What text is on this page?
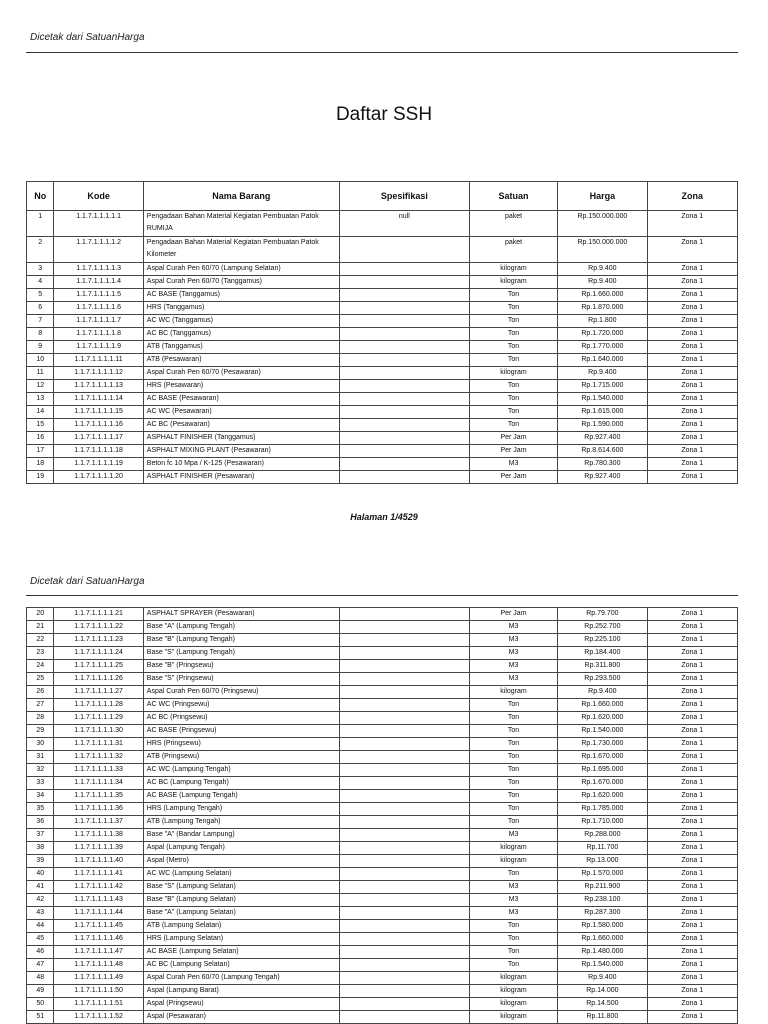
Dicetak dari SatuanHarga
Daftar SSH
No	Kode	Nama Barang	Spesifikasi	Satuan	Harga	Zona
1	1.1.7.1.1.1.1.1	Pengadaan Bahan Material Kegiatan Pembuatan Patok RUMIJA	null	paket	Rp.150.000.000	Zona 1
2	1.1.7.1.1.1.1.2	Pengadaan Bahan Material Kegiatan Pembuatan Patok Kilometer		paket	Rp.150.000.000	Zona 1
3	1.1.7.1.1.1.1.3	Aspal Curah Pen 60/70 (Lampung Selatan)		kilogram	Rp.9.400	Zona 1
4	1.1.7.1.1.1.1.4	Aspal Curah Pen 60/70 (Tanggamus)		kilogram	Rp.9.400	Zona 1
5	1.1.7.1.1.1.1.5	AC BASE (Tanggamus)		Ton	Rp.1.660.000	Zona 1
6	1.1.7.1.1.1.1.6	HRS (Tanggamus)		Ton	Rp.1.870.000	Zona 1
7	1.1.7.1.1.1.1.7	AC WC (Tanggamus)		Ton	Rp.1.800	Zona 1
8	1.1.7.1.1.1.1.8	AC BC (Tanggamus)		Ton	Rp.1.720.000	Zona 1
9	1.1.7.1.1.1.1.9	ATB (Tanggamus)		Ton	Rp.1.770.000	Zona 1
10	1.1.7.1.1.1.1.11	ATB (Pesawaran)		Ton	Rp.1.640.000	Zona 1
11	1.1.7.1.1.1.1.12	Aspal Curah Pen 60/70 (Pesawaran)		kilogram	Rp.9.400	Zona 1
12	1.1.7.1.1.1.1.13	HRS (Pesawaran)		Ton	Rp.1.715.000	Zona 1
13	1.1.7.1.1.1.1.14	AC BASE (Pesawaran)		Ton	Rp.1.540.000	Zona 1
14	1.1.7.1.1.1.1.15	AC WC (Pesawaran)		Ton	Rp.1.615.000	Zona 1
15	1.1.7.1.1.1.1.16	AC BC (Pesawaran)		Ton	Rp.1.590.000	Zona 1
16	1.1.7.1.1.1.1.17	ASPHALT FINISHER (Tanggamus)		Per Jam	Rp.927.400	Zona 1
17	1.1.7.1.1.1.1.18	ASPHALT MIXING PLANT (Pesawaran)		Per Jam	Rp.8.614.600	Zona 1
18	1.1.7.1.1.1.1.19	Beton fc 10 Mpa / K-125 (Pesawaran)		M3	Rp.780.300	Zona 1
19	1.1.7.1.1.1.1.20	ASPHALT FINISHER (Pesawaran)		Per Jam	Rp.927.400	Zona 1
Halaman 1/4529
Dicetak dari SatuanHarga
20	1.1.7.1.1.1.1.21	ASPHALT SPRAYER (Pesawaran)		Per Jam	Rp.79.700	Zona 1
21	1.1.7.1.1.1.1.22	Base "A" (Lampung Tengah)		M3	Rp.252.700	Zona 1
22	1.1.7.1.1.1.1.23	Base "B" (Lampung Tengah)		M3	Rp.225.100	Zona 1
23	1.1.7.1.1.1.1.24	Base "S" (Lampung Tengah)		M3	Rp.184.400	Zona 1
24	1.1.7.1.1.1.1.25	Base "B" (Pringsewu)		M3	Rp.311.800	Zona 1
25	1.1.7.1.1.1.1.26	Base "S" (Pringsewu)		M3	Rp.293.500	Zona 1
26	1.1.7.1.1.1.1.27	Aspal Curah Pen 60/70 (Pringsewu)		kilogram	Rp.9.400	Zona 1
27	1.1.7.1.1.1.1.28	AC WC (Pringsewu)		Ton	Rp.1.660.000	Zona 1
28	1.1.7.1.1.1.1.29	AC BC (Pringsewu)		Ton	Rp.1.620.000	Zona 1
29	1.1.7.1.1.1.1.30	AC BASE (Pringsewu)		Ton	Rp.1.540.000	Zona 1
30	1.1.7.1.1.1.1.31	HRS (Pringsewu)		Ton	Rp.1.730.000	Zona 1
31	1.1.7.1.1.1.1.32	ATB (Pringsewu)		Ton	Rp.1.670.000	Zona 1
32	1.1.7.1.1.1.1.33	AC WC (Lampung Tengah)		Ton	Rp.1.695.000	Zona 1
33	1.1.7.1.1.1.1.34	AC BC (Lampung Tengah)		Ton	Rp.1.670.000	Zona 1
34	1.1.7.1.1.1.1.35	AC BASE (Lampung Tengah)		Ton	Rp.1.620.000	Zona 1
35	1.1.7.1.1.1.1.36	HRS (Lampung Tengah)		Ton	Rp.1.785.000	Zona 1
36	1.1.7.1.1.1.1.37	ATB (Lampung Tengah)		Ton	Rp.1.710.000	Zona 1
37	1.1.7.1.1.1.1.38	Base "A" (Bandar Lampung)		M3	Rp.288.000	Zona 1
38	1.1.7.1.1.1.1.39	Aspal (Lampung Tengah)		kilogram	Rp.11.700	Zona 1
39	1.1.7.1.1.1.1.40	Aspal (Metro)		kilogram	Rp.13.000	Zona 1
40	1.1.7.1.1.1.1.41	AC WC (Lampung Selatan)		Ton	Rp.1.570.000	Zona 1
41	1.1.7.1.1.1.1.42	Base "S" (Lampung Selatan)		M3	Rp.211.900	Zona 1
42	1.1.7.1.1.1.1.43	Base "B" (Lampung Selatan)		M3	Rp.238.100	Zona 1
43	1.1.7.1.1.1.1.44	Base "A" (Lampung Selatan)		M3	Rp.287.300	Zona 1
44	1.1.7.1.1.1.1.45	ATB (Lampung Selatan)		Ton	Rp.1.580.000	Zona 1
45	1.1.7.1.1.1.1.46	HRS (Lampung Selatan)		Ton	Rp.1.660.000	Zona 1
46	1.1.7.1.1.1.1.47	AC BASE (Lampung Selatan)		Ton	Rp.1.480.000	Zona 1
47	1.1.7.1.1.1.1.48	AC BC (Lampung Selatan)		Ton	Rp.1.540.000	Zona 1
48	1.1.7.1.1.1.1.49	Aspal Curah Pen 60/70 (Lampung Tengah)		kilogram	Rp.9.400	Zona 1
49	1.1.7.1.1.1.1.50	Aspal (Lampung Barat)		kilogram	Rp.14.000	Zona 1
50	1.1.7.1.1.1.1.51	Aspal (Pringsewu)		kilogram	Rp.14.500	Zona 1
51	1.1.7.1.1.1.1.52	Aspal (Pesawaran)		kilogram	Rp.11.800	Zona 1
